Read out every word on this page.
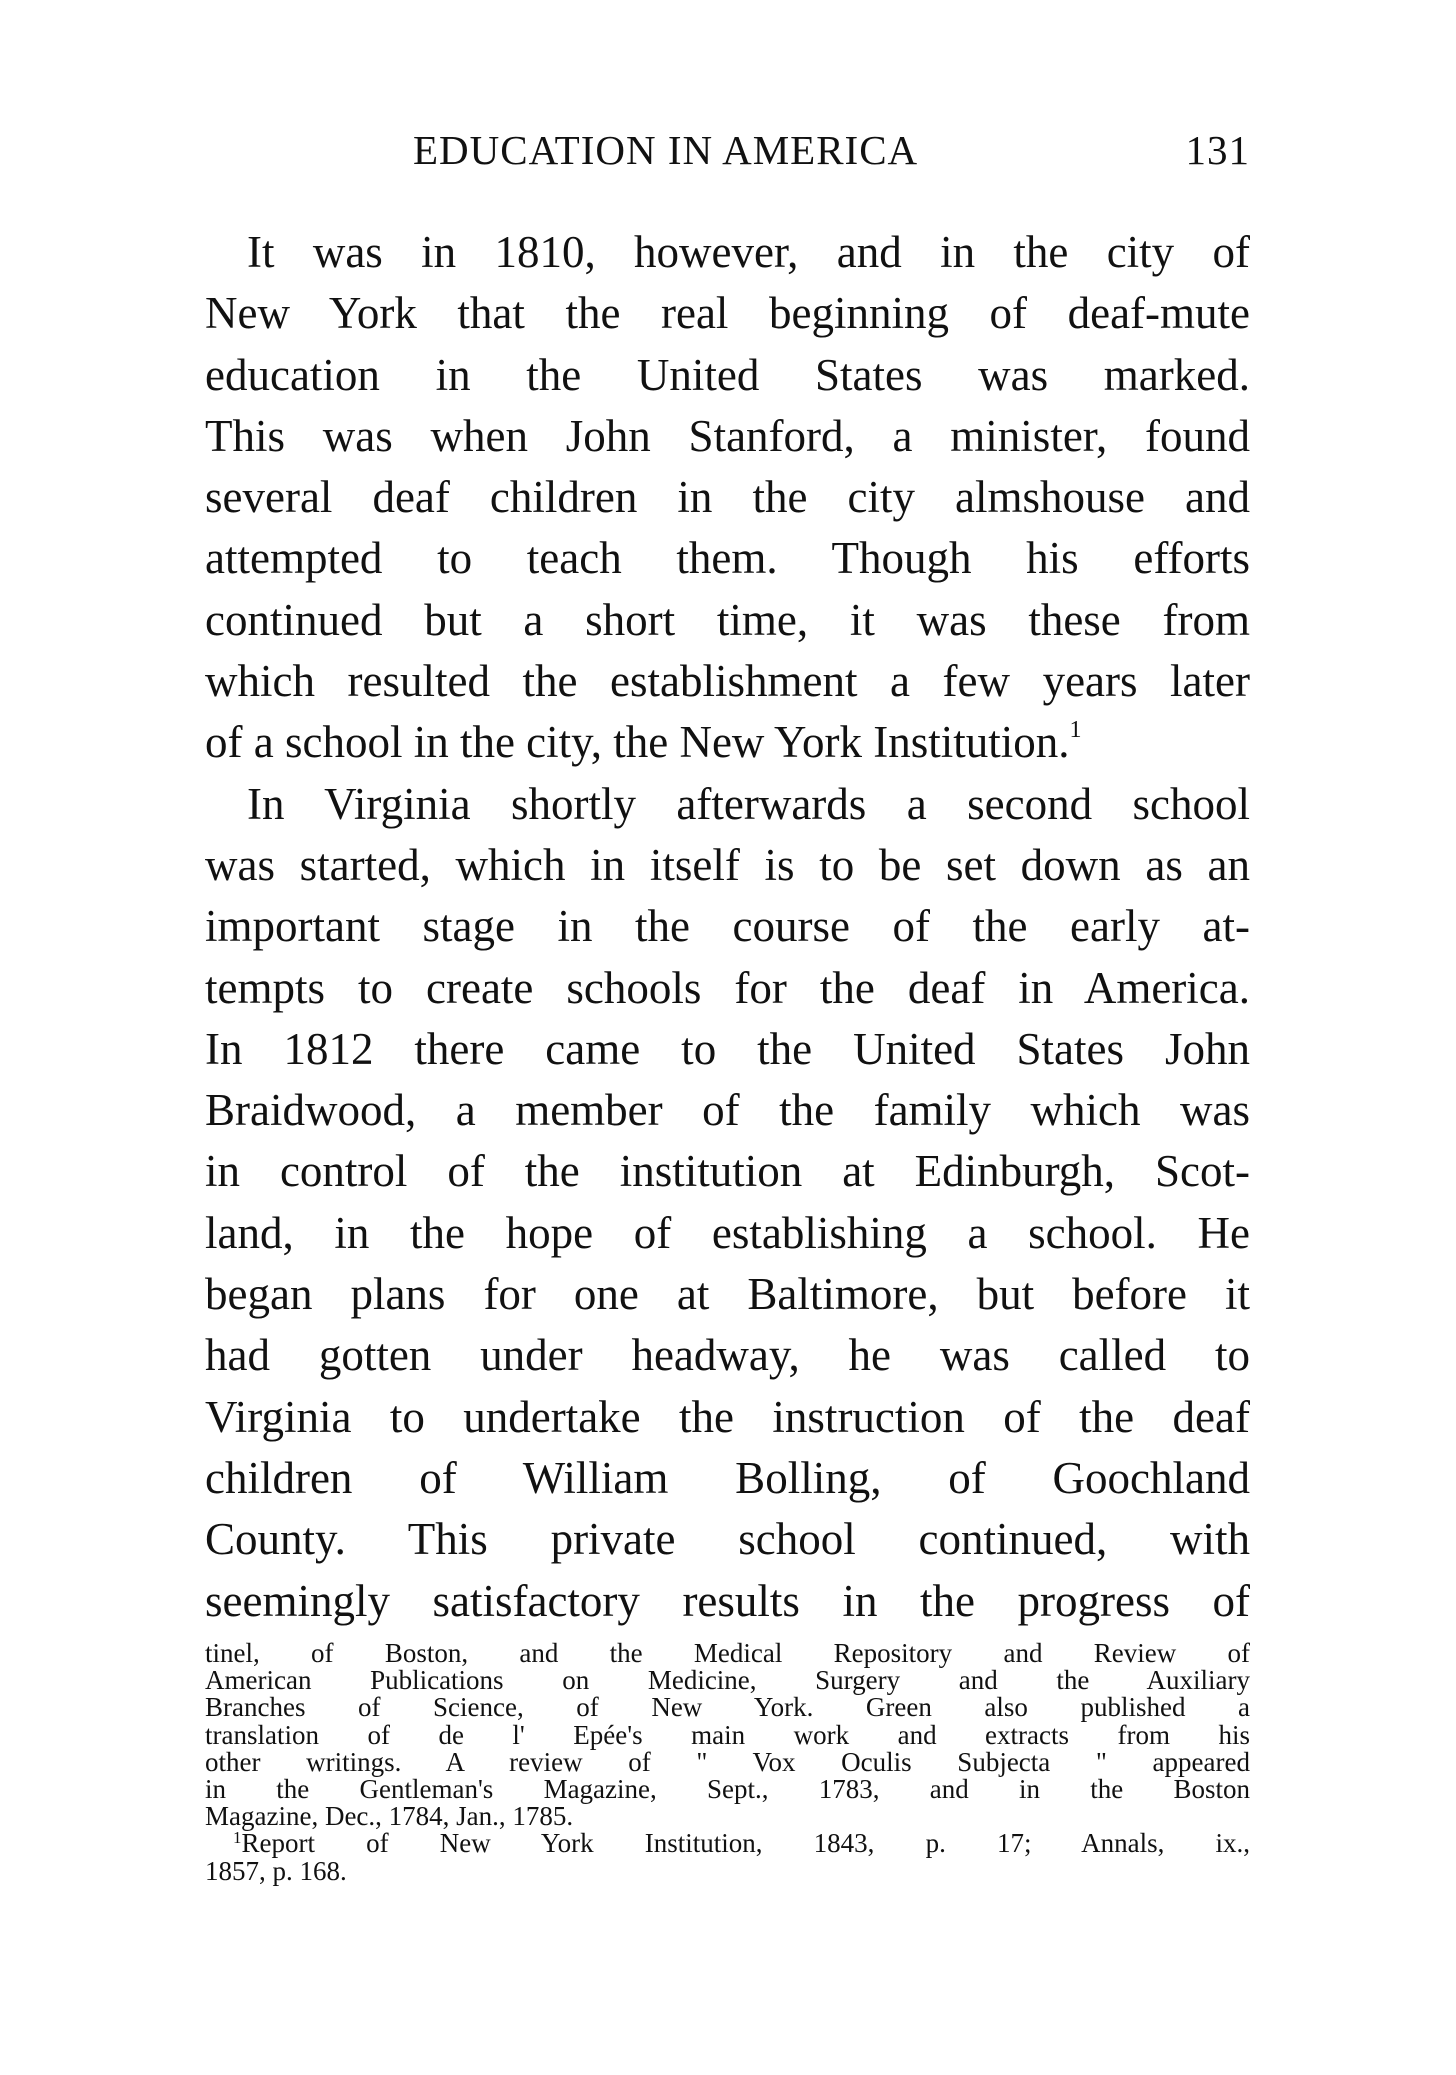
EDUCATION IN AMERICA	131
It was in 1810, however, and in the city of
New York that the real beginning of deaf-mute
education in the United States was marked.
This was when John Stanford, a minister, found
several deaf children in the city almshouse and
attempted to teach them. Though his efforts
continued but a short time, it was these from
which resulted the establishment a few years later
of a school in the city, the New York Institution.$^1$
In Virginia shortly afterwards a second school
was started, which in itself is to be set down as an
important stage in the course of the early at-
tempts to create schools for the deaf in America.
In 1812 there came to the United States John
Braidwood, a member of the family which was
in control of the institution at Edinburgh, Scot-
land, in the hope of establishing a school. He
began plans for one at Baltimore, but before it
had gotten under headway, he was called to
Virginia to undertake the instruction of the deaf
children of William Bolling, of Goochland
County. This private school continued, with
seemingly satisfactory results in the progress of
tinel, of Boston, and the Medical Repository and Review of
American Publications on Medicine, Surgery and the Auxiliary
Branches of Science, of New York. Green also published a
translation of de l' Epée's main work and extracts from his
other writings. A review of " Vox Oculis Subjecta " appeared
in the Gentleman's Magazine, Sept., 1783, and in the Boston
Magazine, Dec., 1784, Jan., 1785.
$^1$Report of New York Institution, 1843, p. 17; Annals, ix.,
1857, p. 168.
